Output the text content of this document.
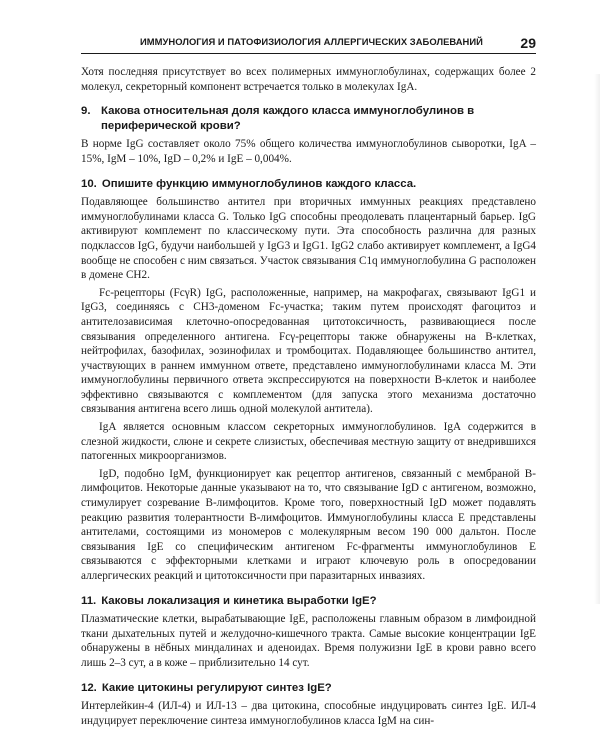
ИММУНОЛОГИЯ И ПАТОФИЗИОЛОГИЯ АЛЛЕРГИЧЕСКИХ ЗАБОЛЕВАНИЙ	29

Хотя последняя присутствует во всех полимерных иммуноглобулинах, содержащих более 2 молекул, секреторный компонент встречается только в молекулах IgA.

9. Какова относительная доля каждого класса иммуноглобулинов в периферической крови?

В норме IgG составляет около 75% общего количества иммуноглобулинов сыворотки, IgA – 15%, IgM – 10%, IgD – 0,2% и IgE – 0,004%.

10. Опишите функцию иммуноглобулинов каждого класса.

Подавляющее большинство антител при вторичных иммунных реакциях представлено иммуноглобулинами класса G. Только IgG способны преодолевать плацентарный барьер. IgG активируют комплемент по классическому пути. Эта способность различна для разных подклассов IgG, будучи наибольшей у IgG3 и IgG1. IgG2 слабо активирует комплемент, а IgG4 вообще не способен с ним связаться. Участок связывания C1q иммуноглобулина G расположен в домене CH2.

Fc-рецепторы (FcγR) IgG, расположенные, например, на макрофагах, связывают IgG1 и IgG3, соединяясь с CH3-доменом Fc-участка; таким путем происходят фагоцитоз и антителозависимая клеточно-опосредованная цитотоксичность, развивающиеся после связывания определенного антигена. Fcγ-рецепторы также обнаружены на B-клетках, нейтрофилах, базофилах, эозинофилах и тромбоцитах. Подавляющее большинство антител, участвующих в раннем иммунном ответе, представлено иммуноглобулинами класса M. Эти иммуноглобулины первичного ответа экспрессируются на поверхности B-клеток и наиболее эффективно связываются с комплементом (для запуска этого механизма достаточно связывания антигена всего лишь одной молекулой антитела).

IgA является основным классом секреторных иммуноглобулинов. IgA содержится в слезной жидкости, слюне и секрете слизистых, обеспечивая местную защиту от внедрившихся патогенных микроорганизмов.

IgD, подобно IgM, функционирует как рецептор антигенов, связанный с мембраной B-лимфоцитов. Некоторые данные указывают на то, что связывание IgD с антигеном, возможно, стимулирует созревание B-лимфоцитов. Кроме того, поверхностный IgD может подавлять реакцию развития толерантности B-лимфоцитов. Иммуноглобулины класса E представлены антителами, состоящими из мономеров с молекулярным весом 190 000 дальтон. После связывания IgE со специфическим антигеном Fc-фрагменты иммуноглобулинов E связываются с эффекторными клетками и играют ключевую роль в опосредовании аллергических реакций и цитотоксичности при паразитарных инвазиях.

11. Каковы локализация и кинетика выработки IgE?

Плазматические клетки, вырабатывающие IgE, расположены главным образом в лимфоидной ткани дыхательных путей и желудочно-кишечного тракта. Самые высокие концентрации IgE обнаружены в нёбных миндалинах и аденоидах. Время полужизни IgE в крови равно всего лишь 2–3 сут, а в коже – приблизительно 14 сут.

12. Какие цитокины регулируют синтез IgE?

Интерлейкин-4 (ИЛ-4) и ИЛ-13 – два цитокина, способные индуцировать синтез IgE. ИЛ-4 индуцирует переключение синтеза иммуноглобулинов класса IgM на син-
